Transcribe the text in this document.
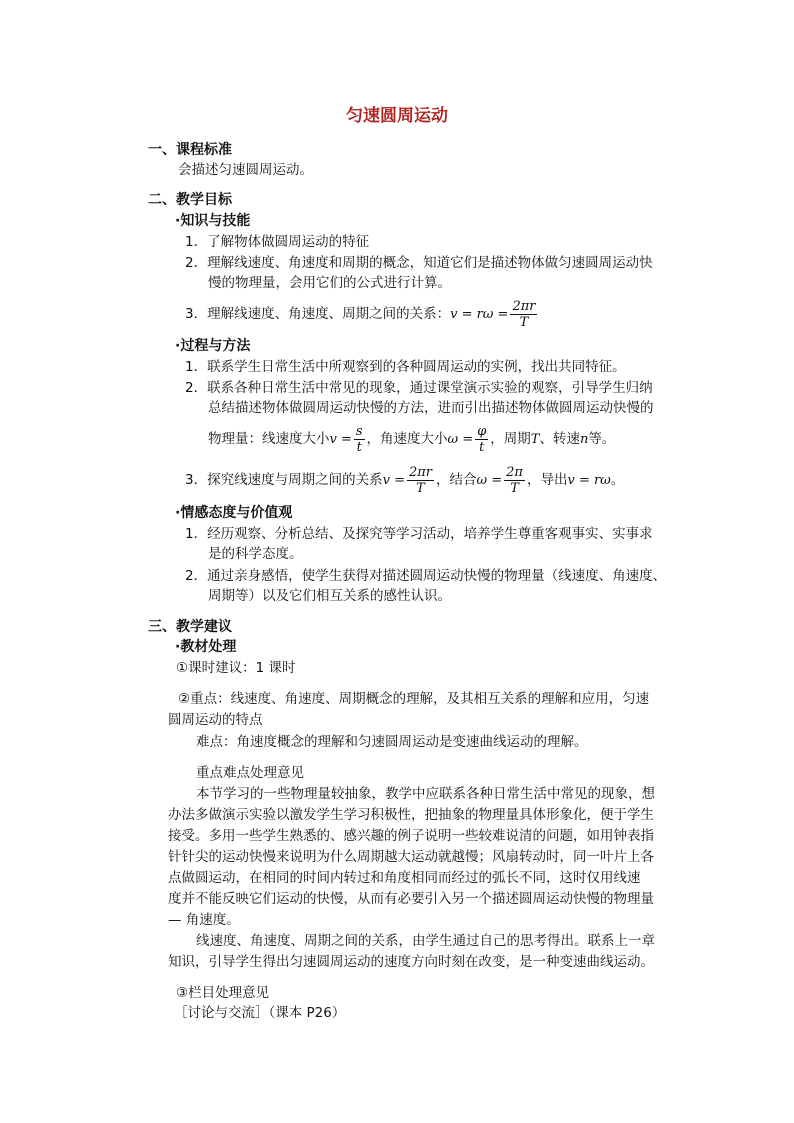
匀速圆周运动
一、课程标准
会描述匀速圆周运动。
二、教学目标
·知识与技能
1．了解物体做圆周运动的特征
2．理解线速度、角速度和周期的概念，知道它们是描述物体做匀速圆周运动快
慢的物理量，会用它们的公式进行计算。
3．理解线速度、角速度、周期之间的关系：$v = r\omega = \frac{2\pi r}{T}$
·过程与方法
1．联系学生日常生活中所观察到的各种圆周运动的实例，找出共同特征。
2．联系各种日常生活中常见的现象，通过课堂演示实验的观察，引导学生归纳
总结描述物体做圆周运动快慢的方法，进而引出描述物体做圆周运动快慢的
物理量：线速度大小$v = \frac{s}{t}$ ，角速度大小$\omega = \frac{\varphi}{t}$ ，周期T、转速n等。
3．探究线速度与周期之间的关系$v = \frac{2\pi r}{T}$ ，结合$\omega = \frac{2\pi}{T}$ ，导出v = rω。
·情感态度与价值观
1．经历观察、分析总结、及探究等学习活动，培养学生尊重客观事实、实事求
是的科学态度。
2．通过亲身感悟，使学生获得对描述圆周运动快慢的物理量（线速度、角速度、
周期等）以及它们相互关系的感性认识。
三、教学建议
·教材处理
①课时建议：1 课时
②重点：线速度、角速度、周期概念的理解，及其相互关系的理解和应用，匀速
圆周运动的特点
难点：角速度概念的理解和匀速圆周运动是变速曲线运动的理解。
重点难点处理意见
本节学习的一些物理量较抽象，教学中应联系各种日常生活中常见的现象，想
办法多做演示实验以激发学生学习积极性，把抽象的物理量具体形象化，便于学生
接受。多用一些学生熟悉的、感兴趣的例子说明一些较难说清的问题，如用钟表指
针针尖的运动快慢来说明为什么周期越大运动就越慢；风扇转动时，同一叶片上各
点做圆运动，在相同的时间内转过和角度相同而经过的弧长不同，这时仅用线速
度并不能反映它们运动的快慢，从而有必要引入另一个描述圆周运动快慢的物理量
— 角速度。
线速度、角速度、周期之间的关系，由学生通过自己的思考得出。联系上一章
知识，引导学生得出匀速圆周运动的速度方向时刻在改变，是一种变速曲线运动。
③栏目处理意见
［讨论与交流］（课本 P26）
